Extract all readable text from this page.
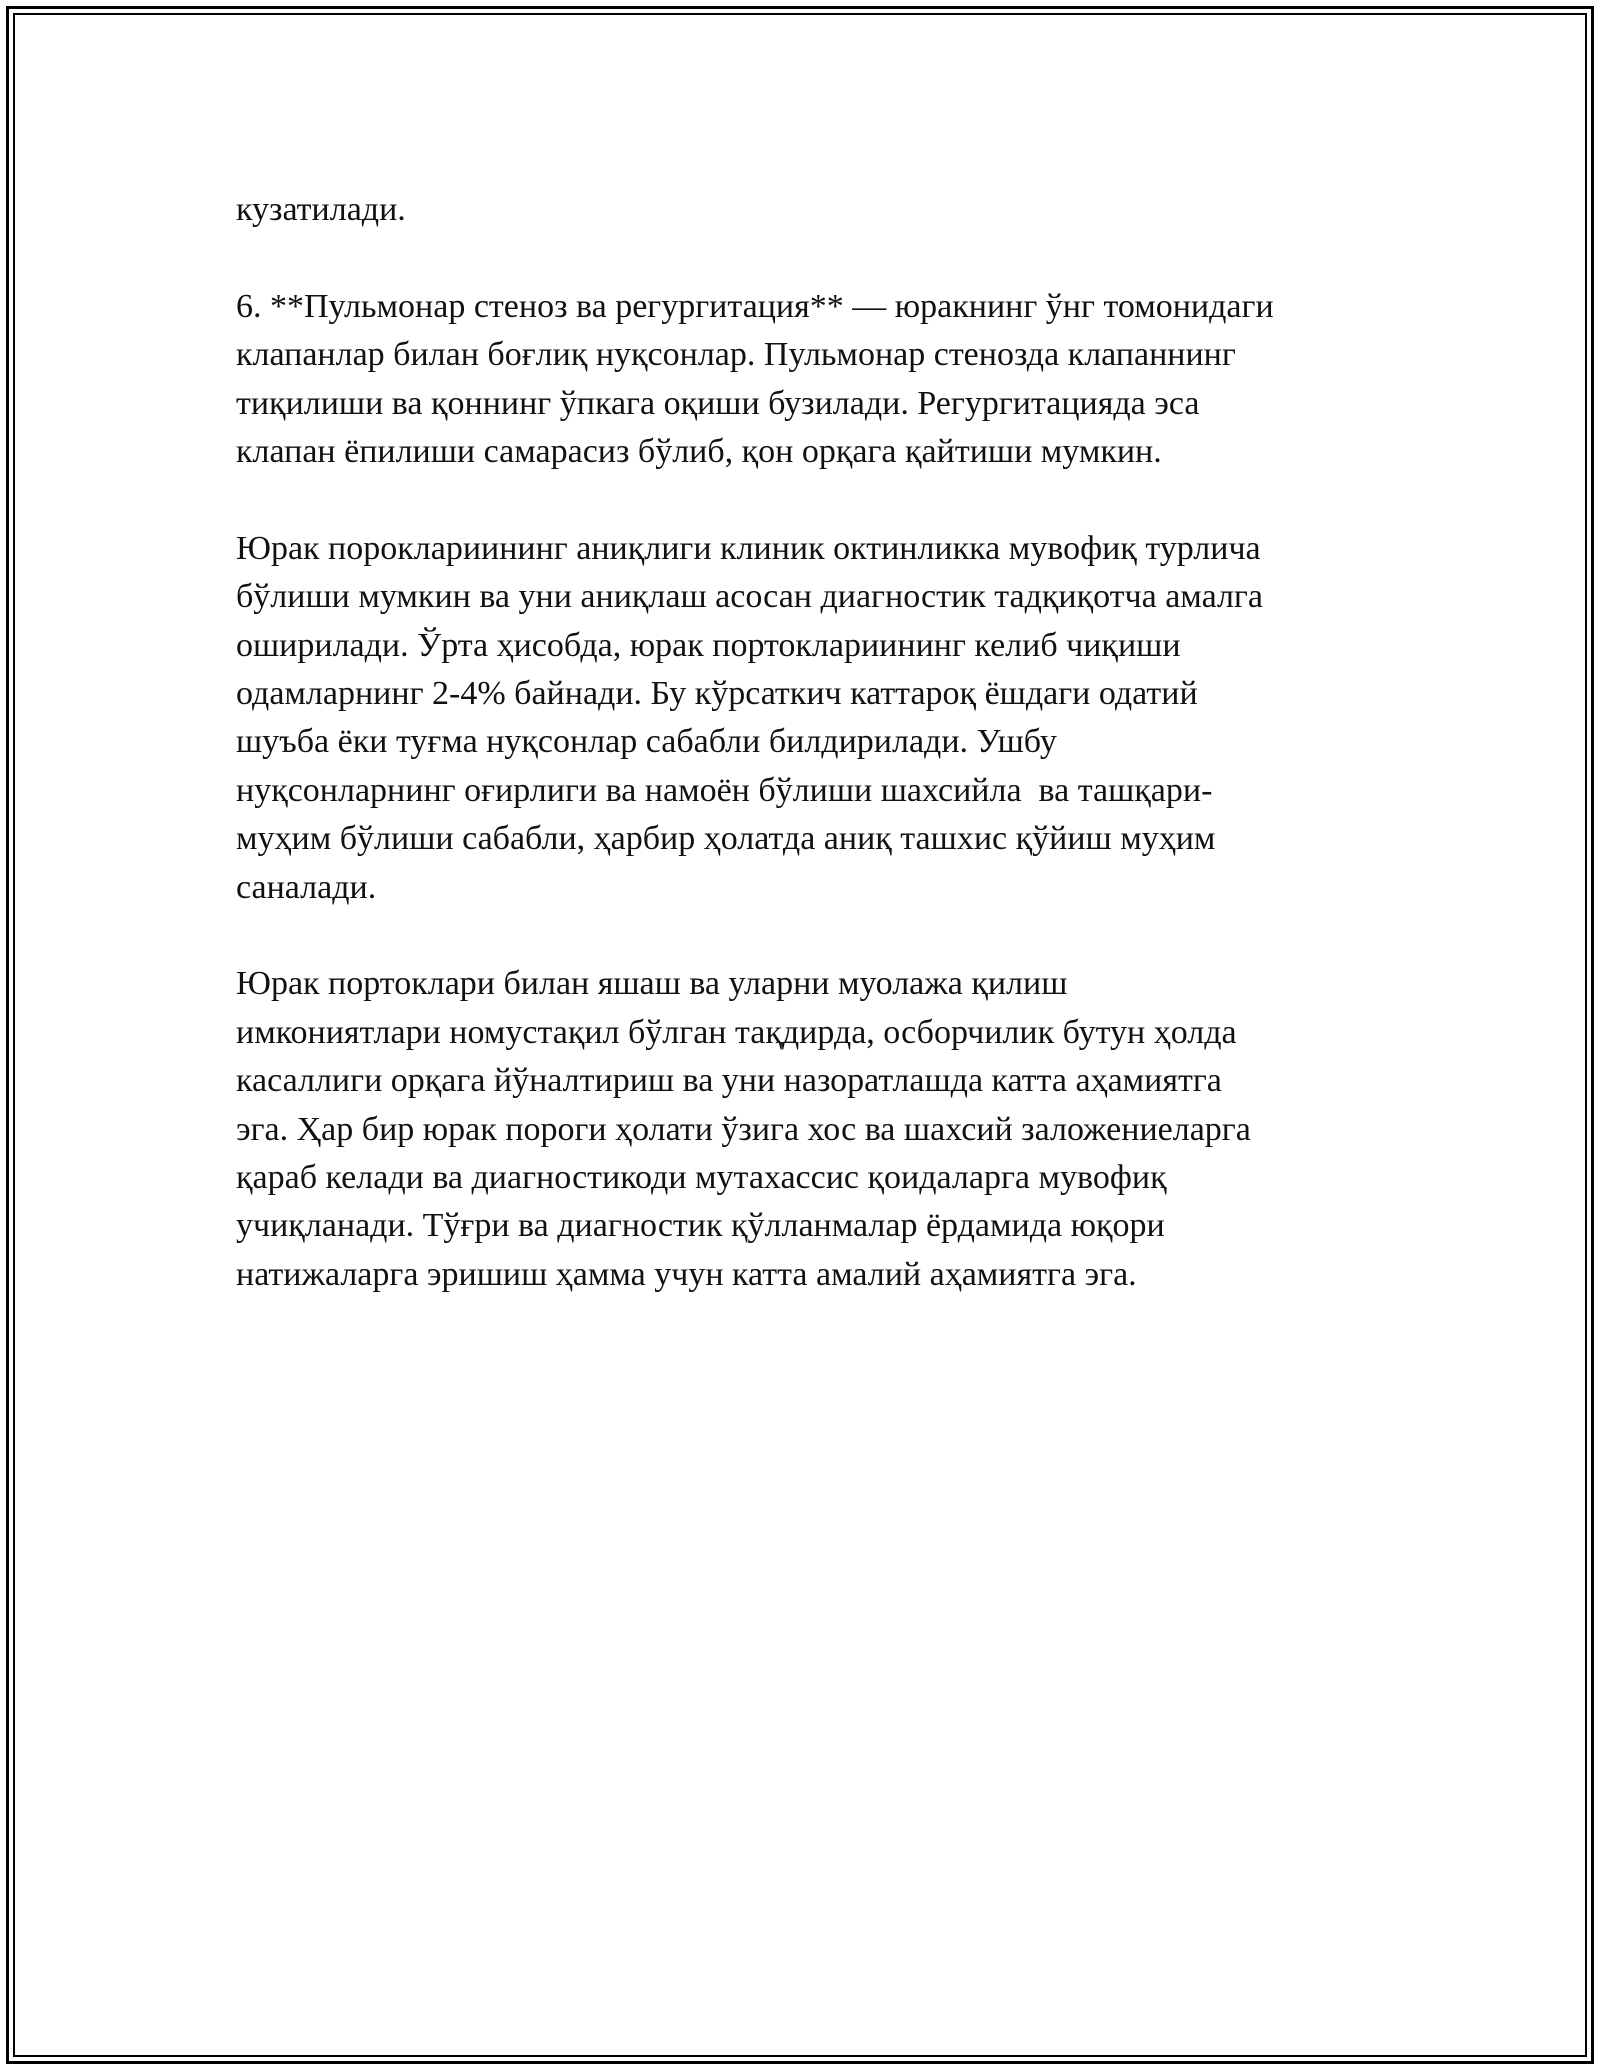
кузатилади.

6. **Пульмонар стеноз ва регургитация** — юракнинг ўнг томонидаги
клапанлар билан боғлиқ нуқсонлар. Пульмонар стенозда клапаннинг
тиқилиши ва қоннинг ўпкага оқиши бузилади. Регургитацияда эса
клапан ёпилиши самарасиз бўлиб, қон орқага қайтиши мумкин.

Юрак пороклариининг аниқлиги клиник октинликка мувофиқ турлича
бўлиши мумкин ва уни аниқлаш асосан диагностик тадқиқотча амалга
оширилади. Ўрта ҳисобда, юрак портоклариининг келиб чиқиши
одамларнинг 2-4% байнади. Бу кўрсаткич каттароқ ёшдаги одатий
шуъба ёки туғма нуқсонлар сабабли билдирилади. Ушбу
нуқсонларнинг оғирлиги ва намоён бўлиши шахсийла  ва ташқари-
муҳим бўлиши сабабли, ҳарбир ҳолатда аниқ ташхис қўйиш муҳим
саналади.

Юрак портоклари билан яшаш ва уларни муолажа қилиш
имкониятлари номустақил бўлган тақдирда, осборчилик бутун ҳолда
касаллиги орқага йўналтириш ва уни назоратлашда катта аҳамиятга
эга. Ҳар бир юрак пороги ҳолати ўзига хос ва шахсий заложениеларга
қараб келади ва диагностикоди мутахассис қоидаларга мувофиқ
учиқланади. Тўғри ва диагностик қўлланмалар ёрдамида юқори
натижаларга эришиш ҳамма учун катта амалий аҳамиятга эга.
